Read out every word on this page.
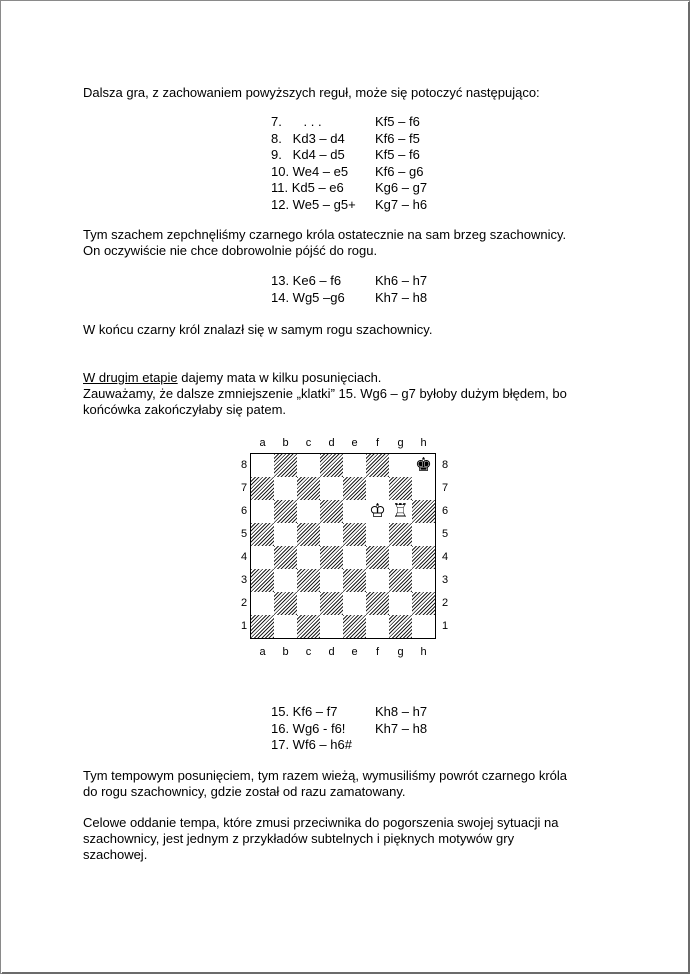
Dalsza gra, z zachowaniem powyższych reguł, może się potoczyć następująco:
7.      . . .	Kf5 – f6
8.   Kd3 – d4 Kf6 – f5
9.   Kd4 – d5 Kf5 – f6
10. We4 – e5 Kf6 – g6
11. Kd5 – e6 Kg6 – g7
12. We5 – g5+ Kg7 – h6
Tym szachem zepchnęliśmy czarnego króla ostatecznie na sam brzeg szachownicy.
On oczywiście nie chce dobrowolnie pójść do rogu.
13. Ke6 – f6	Kh6 – h7
14. Wg5 –g6 Kh7 – h8
W końcu czarny król znalazł się w samym rogu szachownicy.
W drugim etapie dajemy mata w kilku posunięciach.
Zauważamy, że dalsze zmniejszenie „klatki” 15. Wg6 – g7 byłoby dużym błędem, bo
końcówka zakończyłaby się patem.
a	b	c	d	e	f	g	h
a	b	c	d	e	f	g	h
8
7
6
5
4
3
2
1
8
7
6
5
4
3
2
1
♚
♔ ♖
15. Kf6 – f7	Kh8 – h7
16. Wg6 - f6! Kh7 – h8
17. Wf6 – h6#
Tym tempowym posunięciem, tym razem wieżą, wymusiliśmy powrót czarnego króla
do rogu szachownicy, gdzie został od razu zamatowany.
Celowe oddanie tempa, które zmusi przeciwnika do pogorszenia swojej sytuacji na
szachownicy, jest jednym z przykładów subtelnych i pięknych motywów gry
szachowej.
